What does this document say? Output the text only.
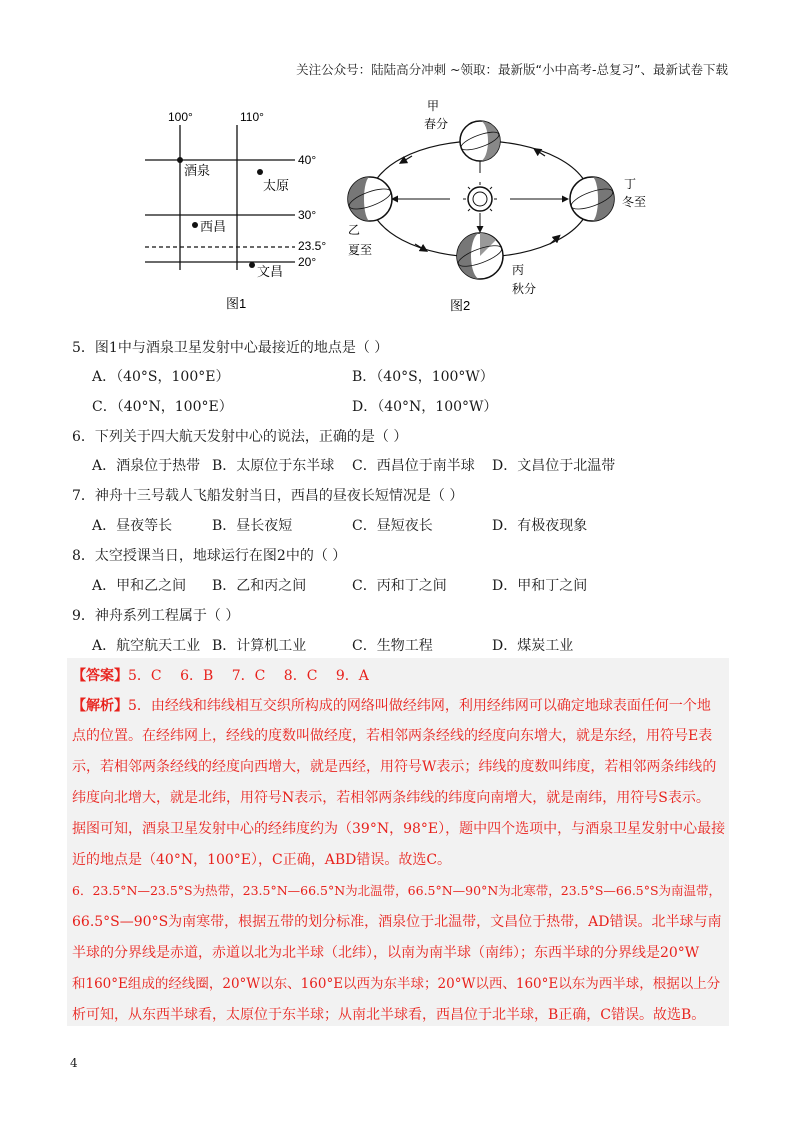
关注公众号：陆陆高分冲刺 ~领取：最新版“小中高考-总复习”、最新试卷下载
100°	110°
40°
30°
23.5°
20°
酒泉
太原
西昌
文昌
图1
甲
春分
乙
夏至
丙
秋分
丁
冬至
图2
5．图1中与酒泉卫星发射中心最接近的地点是（ ）
A．（40°S，100°E）	B．（40°S，100°W）
C．（40°N，100°E）	D．（40°N，100°W）
6．下列关于四大航天发射中心的说法，正确的是（ ）
A．酒泉位于热带 B．太原位于东半球 C．西昌位于南半球 D．文昌位于北温带
7．神舟十三号载人飞船发射当日，西昌的昼夜长短情况是（ ）
A．昼夜等长	B．昼长夜短	C．昼短夜长	D．有极夜现象
8．太空授课当日，地球运行在图2中的（ ）
A．甲和乙之间 B．乙和丙之间	C．丙和丁之间	D．甲和丁之间
9．神舟系列工程属于（ ）
A．航空航天工业 B．计算机工业	C．生物工程	D．煤炭工业
【答案】5．C　 6．B　 7．C　 8．C　 9．A
【解析】5．由经线和纬线相互交织所构成的网络叫做经纬网，利用经纬网可以确定地球表面任何一个地
点的位置。在经纬网上，经线的度数叫做经度，若相邻两条经线的经度向东增大，就是东经，用符号E表
示，若相邻两条经线的经度向西增大，就是西经，用符号W表示；纬线的度数叫纬度，若相邻两条纬线的
纬度向北增大，就是北纬，用符号N表示，若相邻两条纬线的纬度向南增大，就是南纬，用符号S表示。
据图可知，酒泉卫星发射中心的经纬度约为（39°N，98°E），题中四个选项中，与酒泉卫星发射中心最接
近的地点是（40°N，100°E），C正确，ABD错误。故选C。
6．23.5°N—23.5°S为热带，23.5°N—66.5°N为北温带，66.5°N—90°N为北寒带，23.5°S—66.5°S为南温带，
66.5°S—90°S为南寒带，根据五带的划分标准，酒泉位于北温带，文昌位于热带，AD错误。北半球与南
半球的分界线是赤道，赤道以北为北半球（北纬），以南为南半球（南纬）；东西半球的分界线是20°W
和160°E组成的经线圈，20°W以东、160°E以西为东半球；20°W以西、160°E以东为西半球，根据以上分
析可知，从东西半球看，太原位于东半球；从南北半球看，西昌位于北半球，B正确，C错误。故选B。
4
